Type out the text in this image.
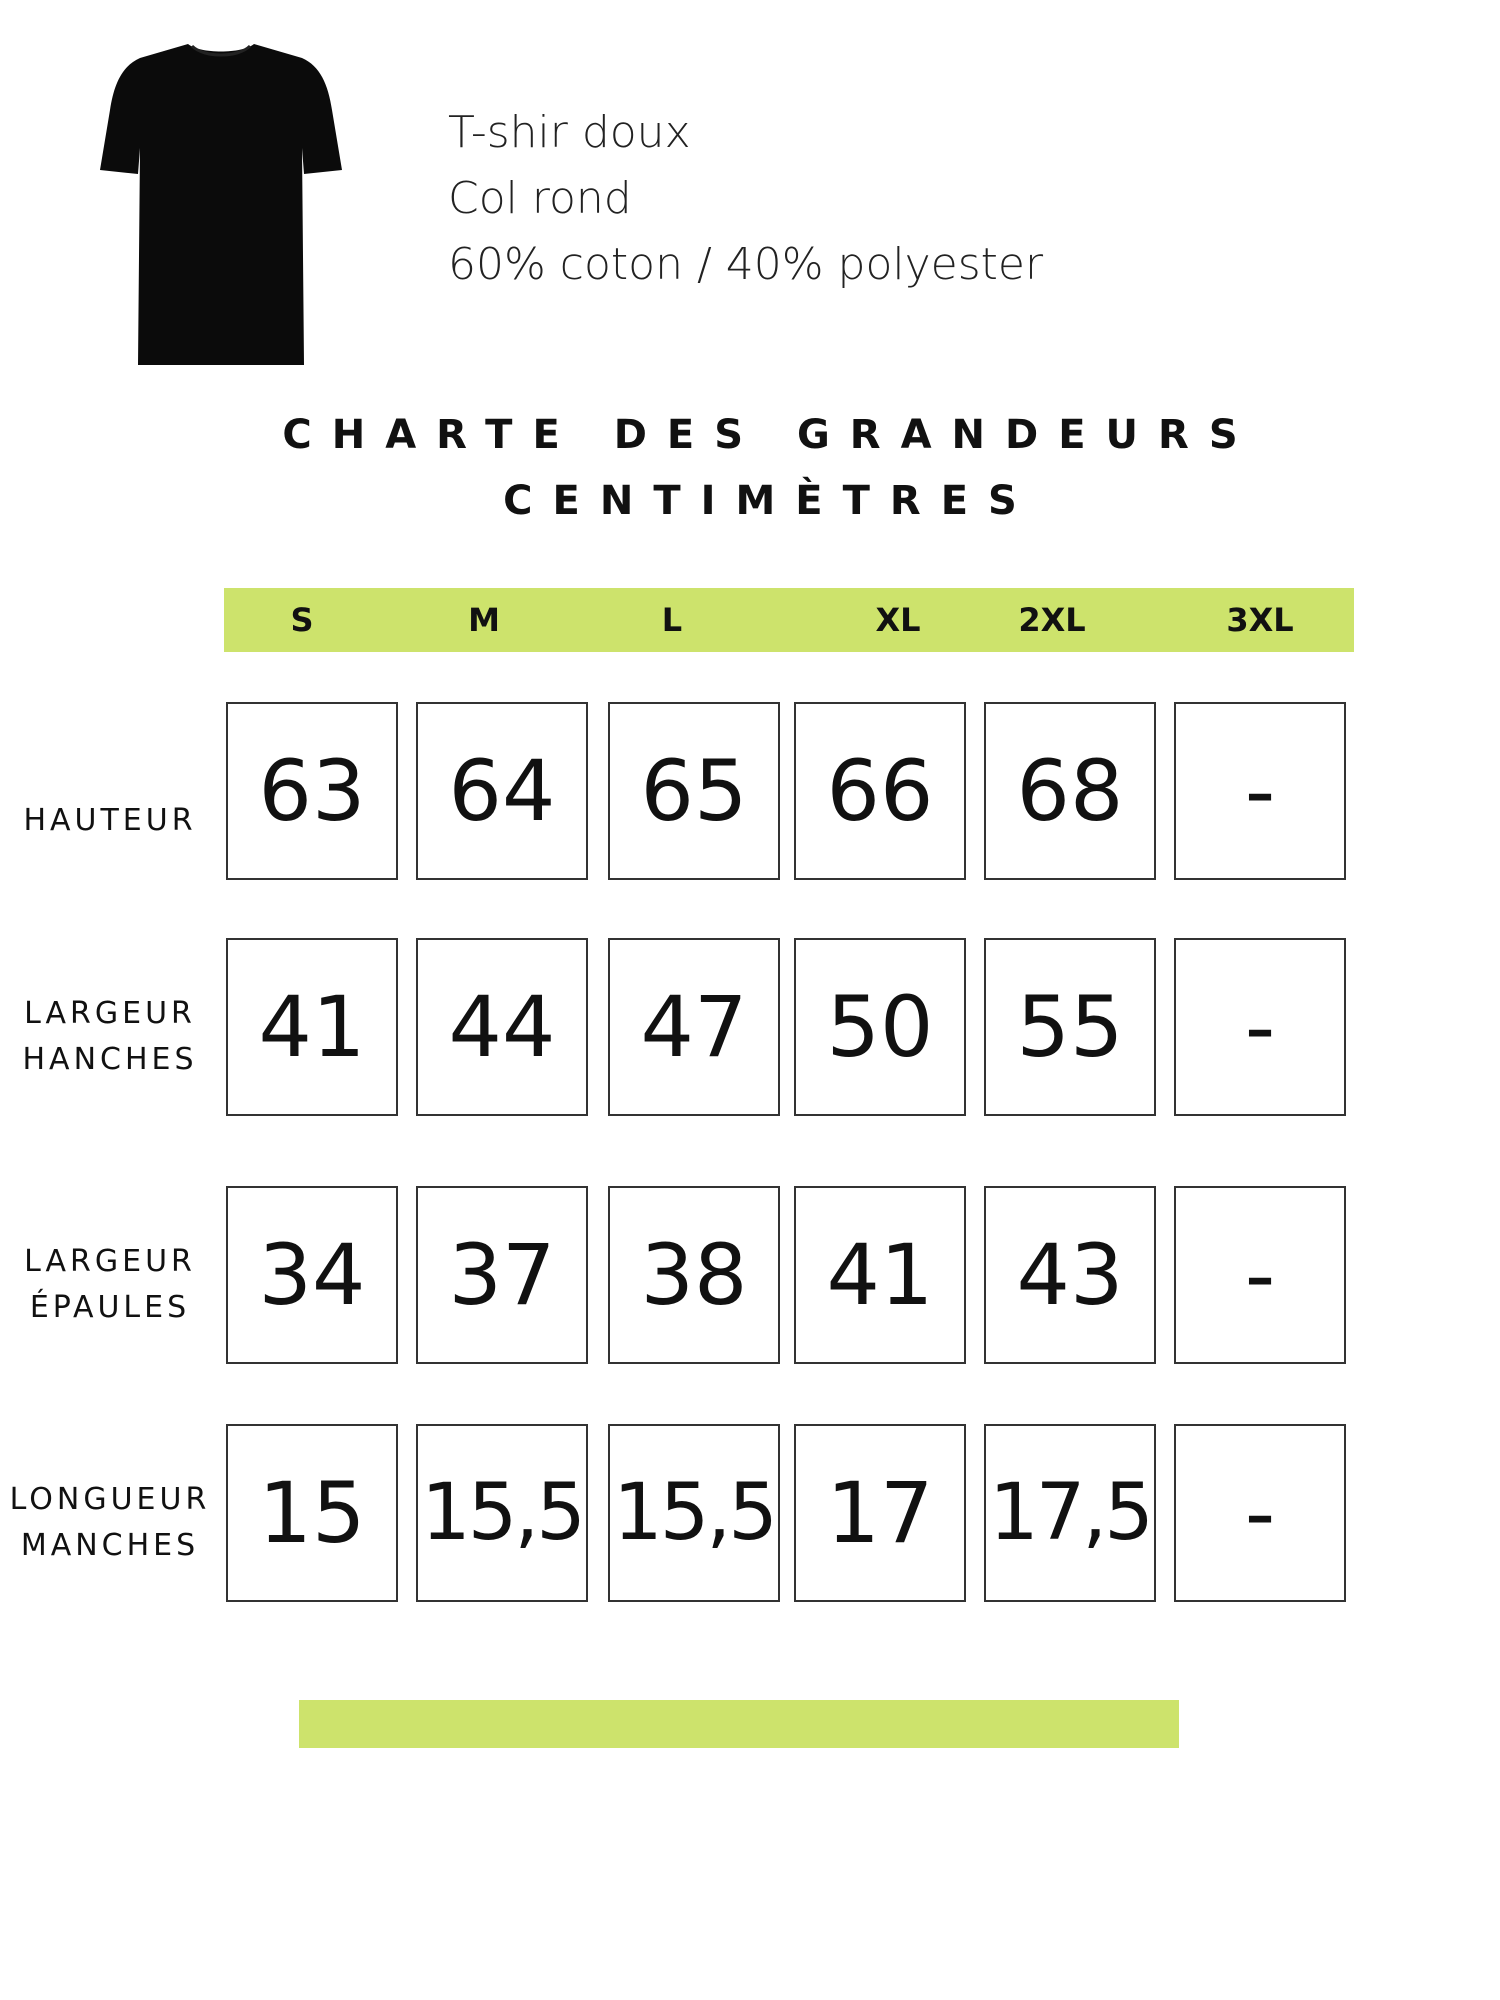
T-shir doux
Col rond
60% coton / 40% polyester
CHARTE DES GRANDEURS
CENTIMÈTRES
S	M	L	XL	2XL	3XL
HAUTEUR 63 64	65 66 68	-
LARGEUR
HANCHES 41 44	47 50 55	-
LARGEUR
ÉPAULES 34 37	38 41 43	-
LONGUEUR
MANCHES 15 15,5 15,5 17 17,5	-
